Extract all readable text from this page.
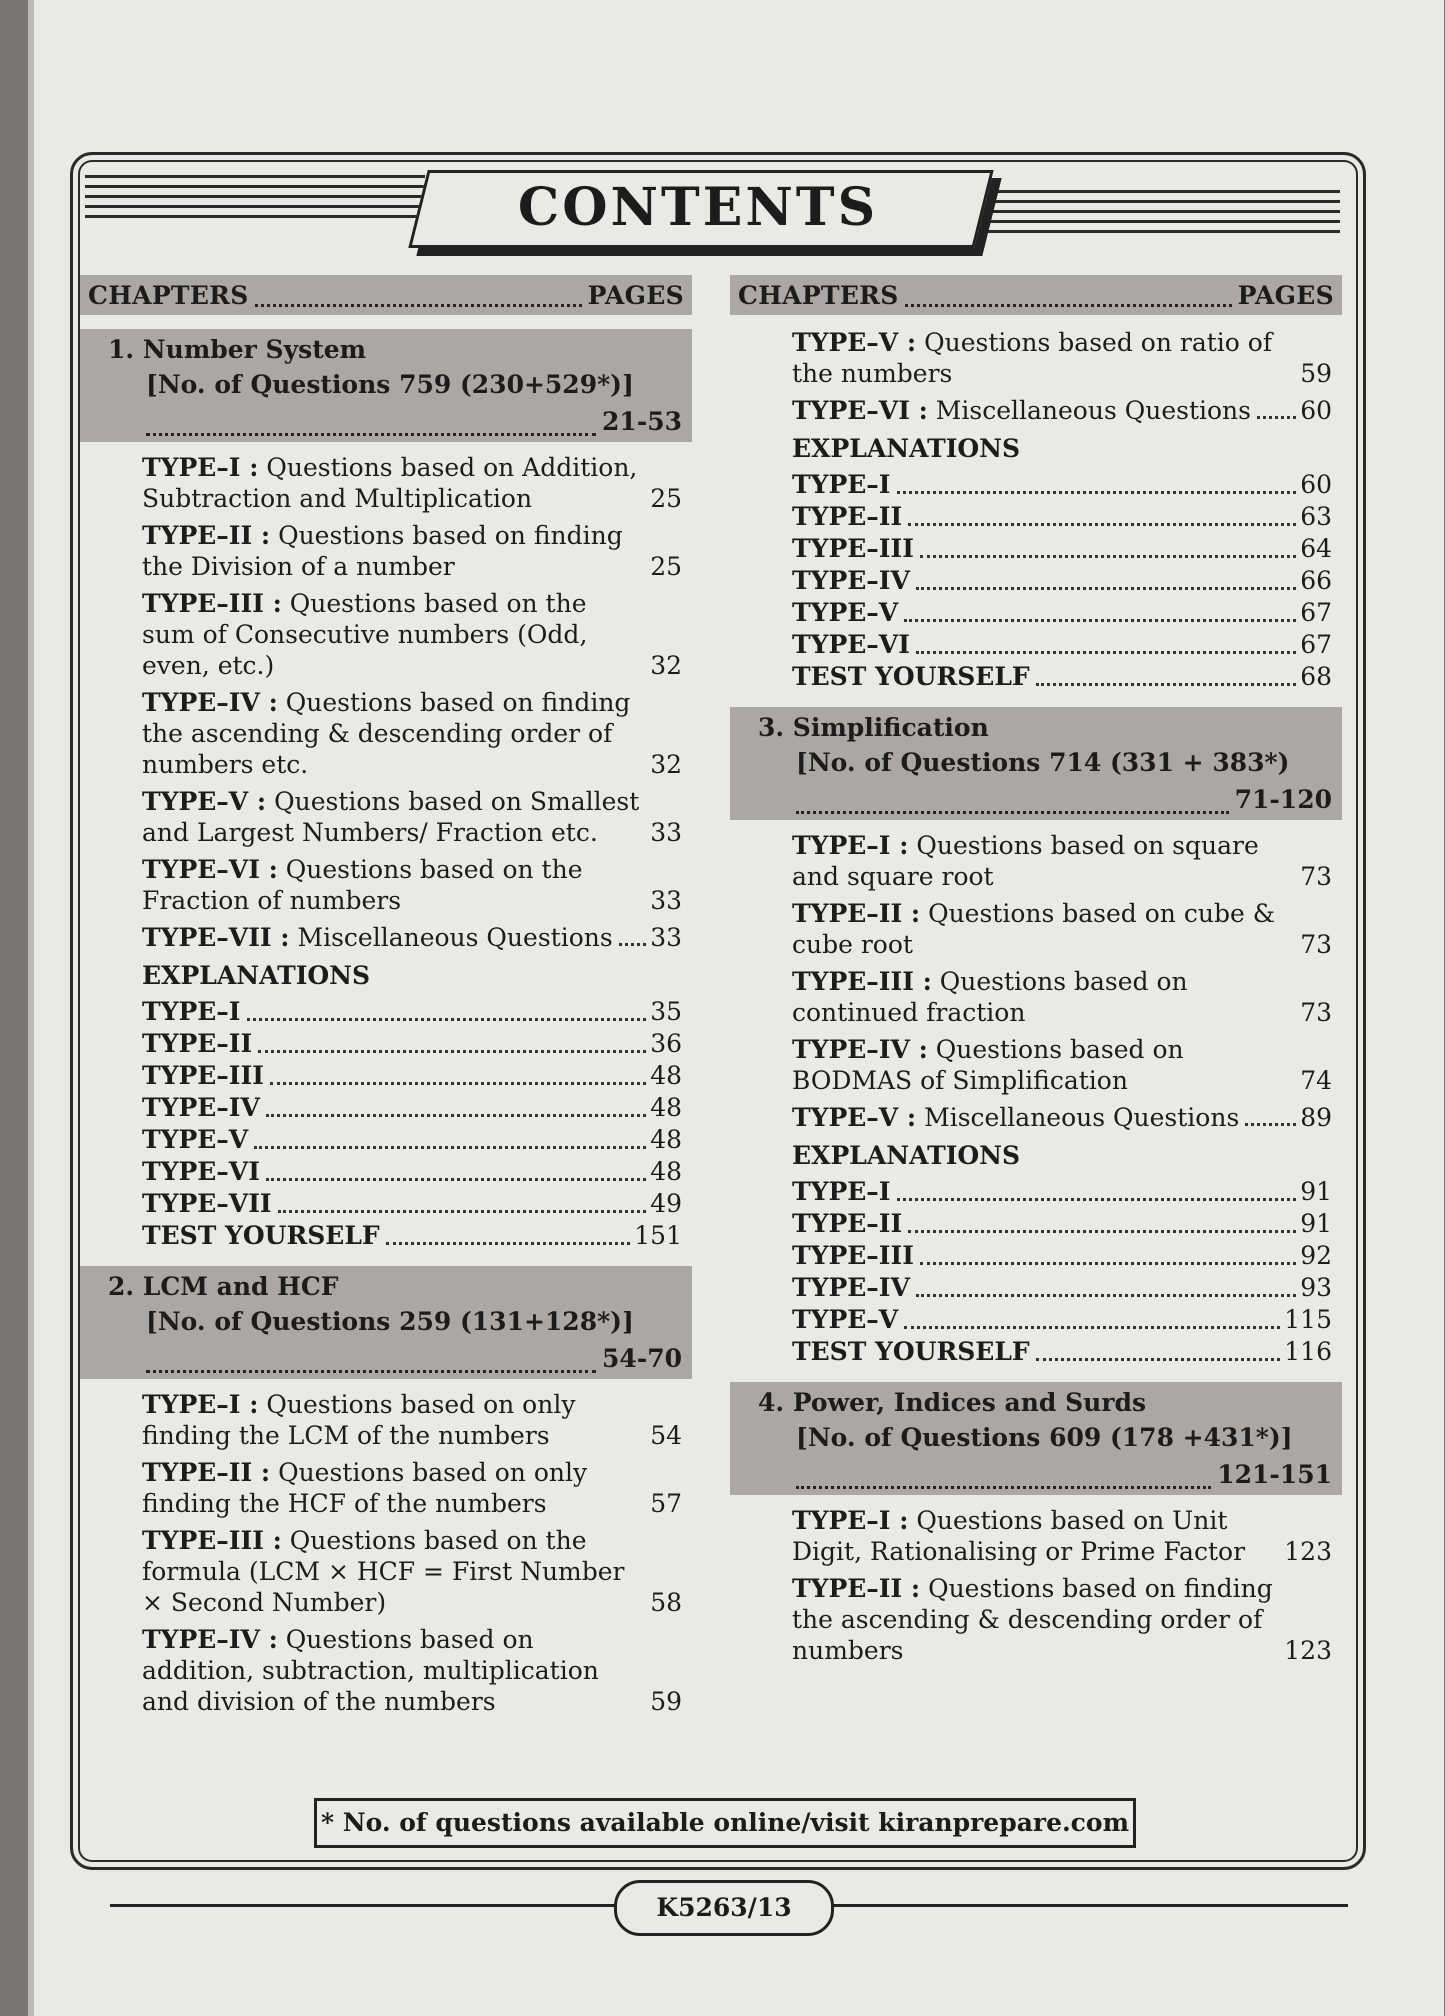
CONTENTS
CHAPTERS	PAGES
1. Number System
[No. of Questions 759 (230+529*)]
21-53
TYPE–I : Questions based on Addition, Subtraction and Multiplication	25
TYPE–II : Questions based on finding the Division of a number	25
TYPE–III : Questions based on the sum of Consecutive numbers (Odd, even, etc.)	32
TYPE–IV : Questions based on finding the ascending & descending order of numbers etc.	32
TYPE–V : Questions based on Smallest and Largest Numbers/ Fraction etc.	33
TYPE–VI : Questions based on the Fraction of numbers	33
TYPE–VII : Miscellaneous Questions 33
EXPLANATIONS
TYPE–I	35
TYPE–II	36
TYPE–III	48
TYPE–IV	48
TYPE–V	48
TYPE–VI	48
TYPE–VII	49
TEST YOURSELF	151
2. LCM and HCF
[No. of Questions 259 (131+128*)]
54-70
TYPE–I : Questions based on only finding the LCM of the numbers	54
TYPE–II : Questions based on only finding the HCF of the numbers	57
TYPE–III : Questions based on the formula (LCM × HCF = First Number × Second Number)	58
TYPE–IV : Questions based on addition, subtraction, multiplication and division of the numbers	59
CHAPTERS	PAGES
TYPE–V : Questions based on ratio of the numbers	59
TYPE–VI : Miscellaneous Questions 60
EXPLANATIONS
TYPE–I	60
TYPE–II	63
TYPE–III	64
TYPE–IV	66
TYPE–V	67
TYPE–VI	67
TEST YOURSELF	68
3. Simplification
[No. of Questions 714 (331 + 383*)
71-120
TYPE–I : Questions based on square and square root	73
TYPE–II : Questions based on cube & cube root	73
TYPE–III : Questions based on continued fraction	73
TYPE–IV : Questions based on BODMAS of Simplification	74
TYPE–V : Miscellaneous Questions 89
EXPLANATIONS
TYPE–I	91
TYPE–II	91
TYPE–III	92
TYPE–IV	93
TYPE–V	115
TEST YOURSELF	116
4. Power, Indices and Surds
[No. of Questions 609 (178 +431*)]
121-151
TYPE–I : Questions based on Unit Digit, Rationalising or Prime Factor	123
TYPE–II : Questions based on finding the ascending & descending order of numbers	123
* No. of questions available online/visit kiranprepare.com
K5263/13
